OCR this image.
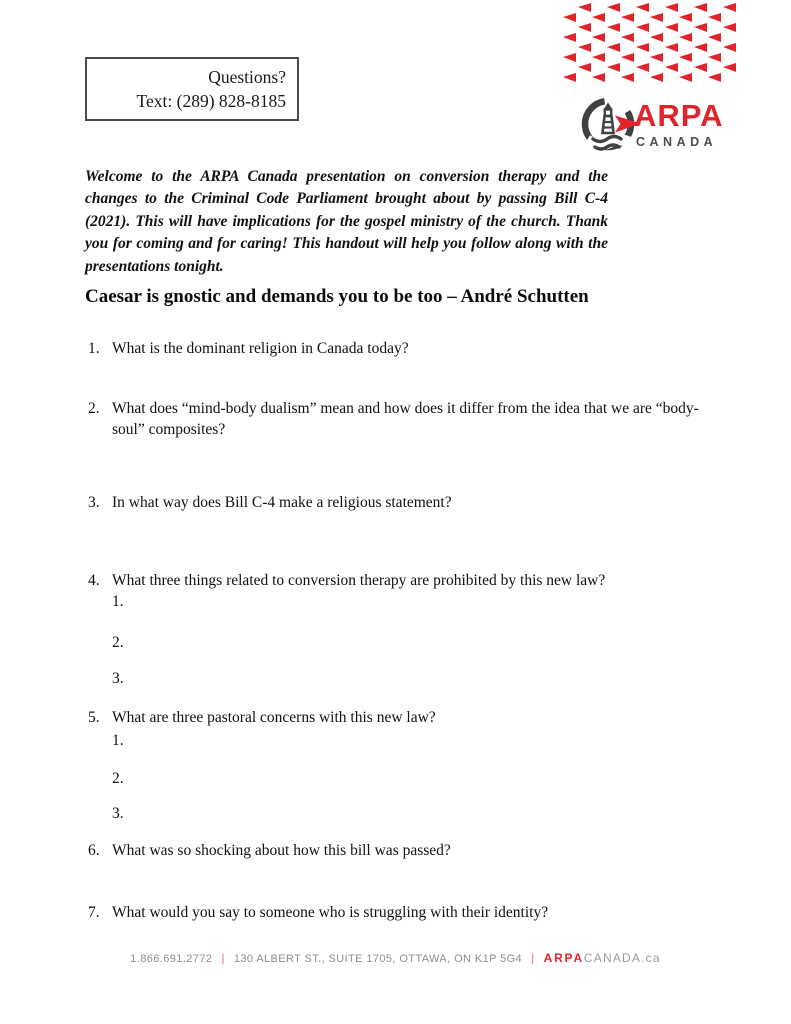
Questions?
Text: (289) 828-8185	ARPA
CANADA

Welcome to the ARPA Canada presentation on conversion therapy and the changes to the Criminal Code Parliament brought about by passing Bill C-4 (2021). This will have implications for the gospel ministry of the church. Thank you for coming and for caring! This handout will help you follow along with the presentations tonight.

Caesar is gnostic and demands you to be too – André Schutten
1. What is the dominant religion in Canada today?
2. What does “mind-body dualism” mean and how does it differ from the idea that we are “body-soul” composites?
3. In what way does Bill C-4 make a religious statement?
4. What three things related to conversion therapy are prohibited by this new law?
1.
2.
3.
5. What are three pastoral concerns with this new law?
1.
2.
3.
6. What was so shocking about how this bill was passed?
7. What would you say to someone who is struggling with their identity?
1.866.691.2772 | 130 ALBERT ST., SUITE 1705, OTTAWA, ON K1P 5G4 | ARPACANADA.ca
